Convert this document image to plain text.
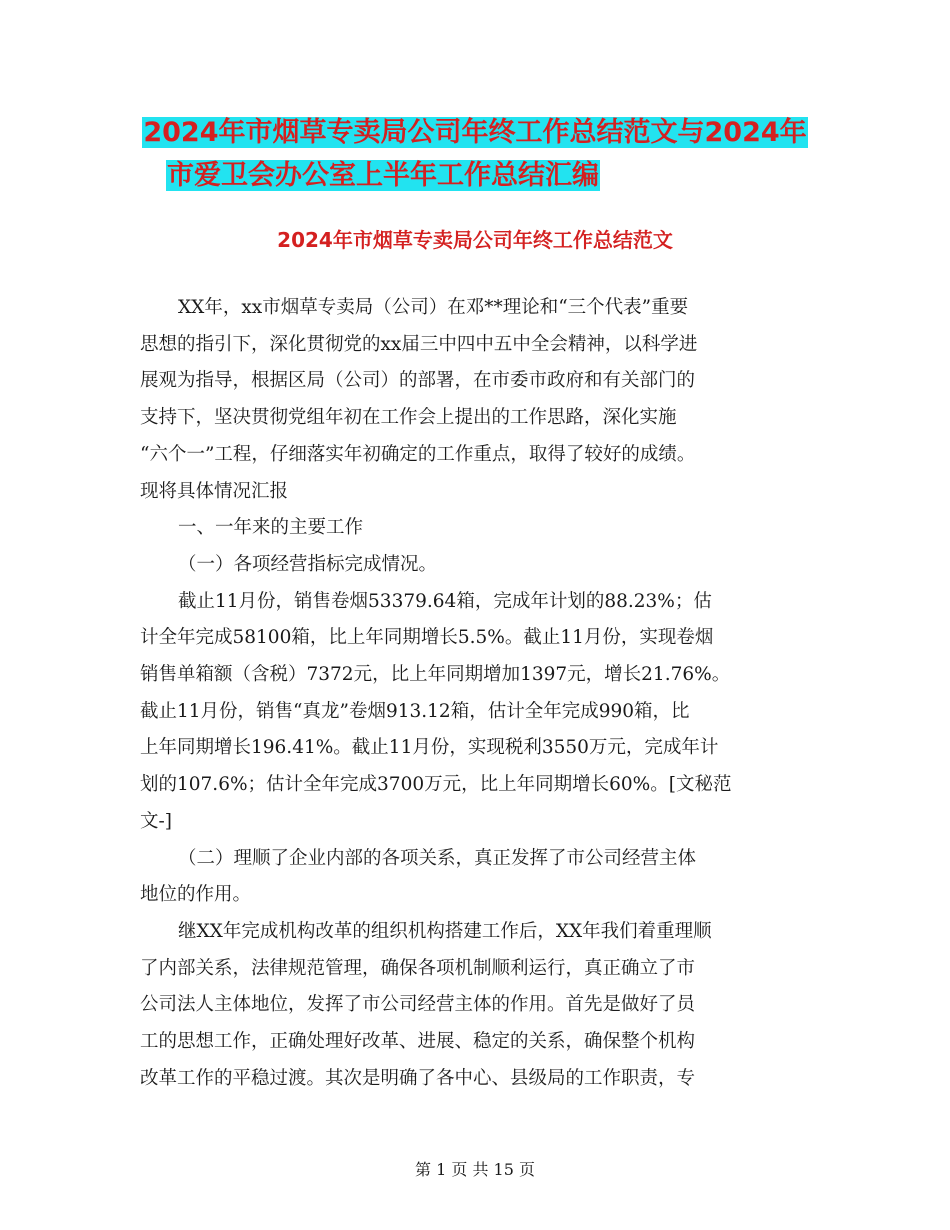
2024年市烟草专卖局公司年终工作总结范文与2024年
市爱卫会办公室上半年工作总结汇编
2024年市烟草专卖局公司年终工作总结范文

XX年，xx市烟草专卖局（公司）在邓**理论和“三个代表”重要

思想的指引下，深化贯彻党的xx届三中四中五中全会精神，以科学进

展观为指导，根据区局（公司）的部署，在市委市政府和有关部门的

支持下，坚决贯彻党组年初在工作会上提出的工作思路，深化实施

“六个一”工程，仔细落实年初确定的工作重点，取得了较好的成绩。

现将具体情况汇报

一、一年来的主要工作

（一）各项经营指标完成情况。

截止11月份，销售卷烟53379.64箱，完成年计划的88.23%；估

计全年完成58100箱，比上年同期增长5.5%。截止11月份，实现卷烟

销售单箱额（含税）7372元，比上年同期增加1397元，增长21.76%。

截止11月份，销售“真龙”卷烟913.12箱，估计全年完成990箱，比

上年同期增长196.41%。截止11月份，实现税利3550万元，完成年计

划的107.6%；估计全年完成3700万元，比上年同期增长60%。[文秘范

文-]

（二）理顺了企业内部的各项关系，真正发挥了市公司经营主体

地位的作用。

继XX年完成机构改革的组织机构搭建工作后，XX年我们着重理顺

了内部关系，法律规范管理，确保各项机制顺利运行，真正确立了市

公司法人主体地位，发挥了市公司经营主体的作用。首先是做好了员

工的思想工作，正确处理好改革、进展、稳定的关系，确保整个机构

改革工作的平稳过渡。其次是明确了各中心、县级局的工作职责，专

第 1 页 共 15 页
